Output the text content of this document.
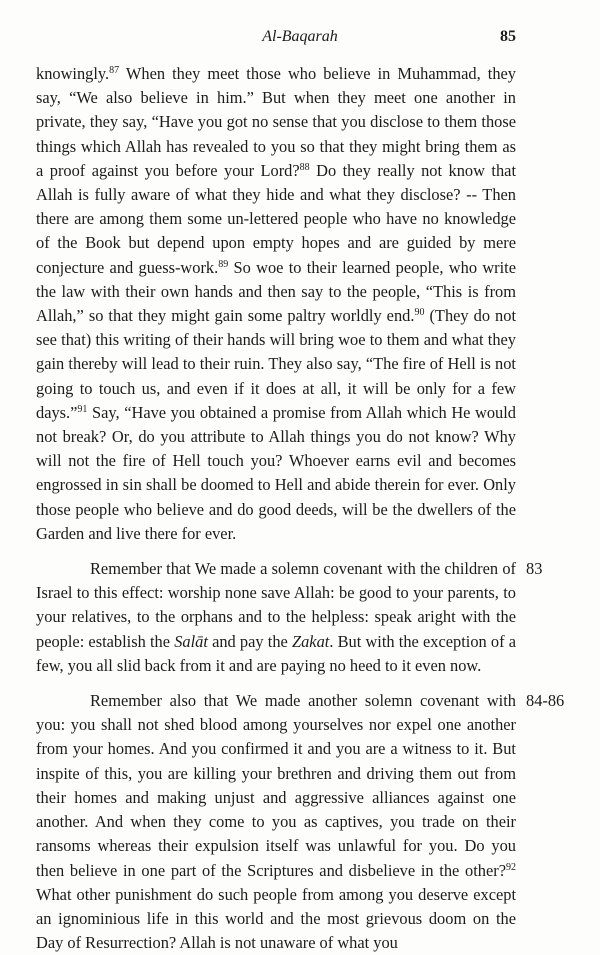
Al-Baqarah	85

knowingly.$^{87}$ When they meet those who believe in Muhammad, they say, “We also believe in him.” But when they meet one another in private, they say, “Have you got no sense that you disclose to them those things which Allah has revealed to you so that they might bring them as a proof against you before your Lord?$^{88}$ Do they really not know that Allah is fully aware of what they hide and what they disclose? -- Then there are among them some un-lettered people who have no knowledge of the Book but depend upon empty hopes and are guided by mere conjecture and guess-work.$^{89}$ So woe to their learned people, who write the law with their own hands and then say to the people, “This is from Allah,” so that they might gain some paltry worldly end.$^{90}$ (They do not see that) this writing of their hands will bring woe to them and what they gain thereby will lead to their ruin. They also say, “The fire of Hell is not going to touch us, and even if it does at all, it will be only for a few days.”$^{91}$ Say, “Have you obtained a promise from Allah which He would not break? Or, do you attribute to Allah things you do not know? Why will not the fire of Hell touch you? Whoever earns evil and becomes engrossed in sin shall be doomed to Hell and abide therein for ever. Only those people who believe and do good deeds, will be the dwellers of the Garden and live there for ever.

83
Remember that We made a solemn covenant with the children of Israel to this effect: worship none save Allah: be good to your parents, to your relatives, to the orphans and to the helpless: speak aright with the people: establish the Salāt and pay the Zakat. But with the exception of a few, you all slid back from it and are paying no heed to it even now.

84-86
Remember also that We made another solemn covenant with you: you shall not shed blood among yourselves nor expel one another from your homes. And you confirmed it and you are a witness to it. But inspite of this, you are killing your brethren and driving them out from their homes and making unjust and aggressive alliances against one another. And when they come to you as captives, you trade on their ransoms whereas their expulsion itself was unlawful for you. Do you then believe in one part of the Scriptures and disbelieve in the other?$^{92}$ What other punishment do such people from among you deserve except an ignominious life in this world and the most grievous doom on the Day of Resurrection? Allah is not unaware of what you
